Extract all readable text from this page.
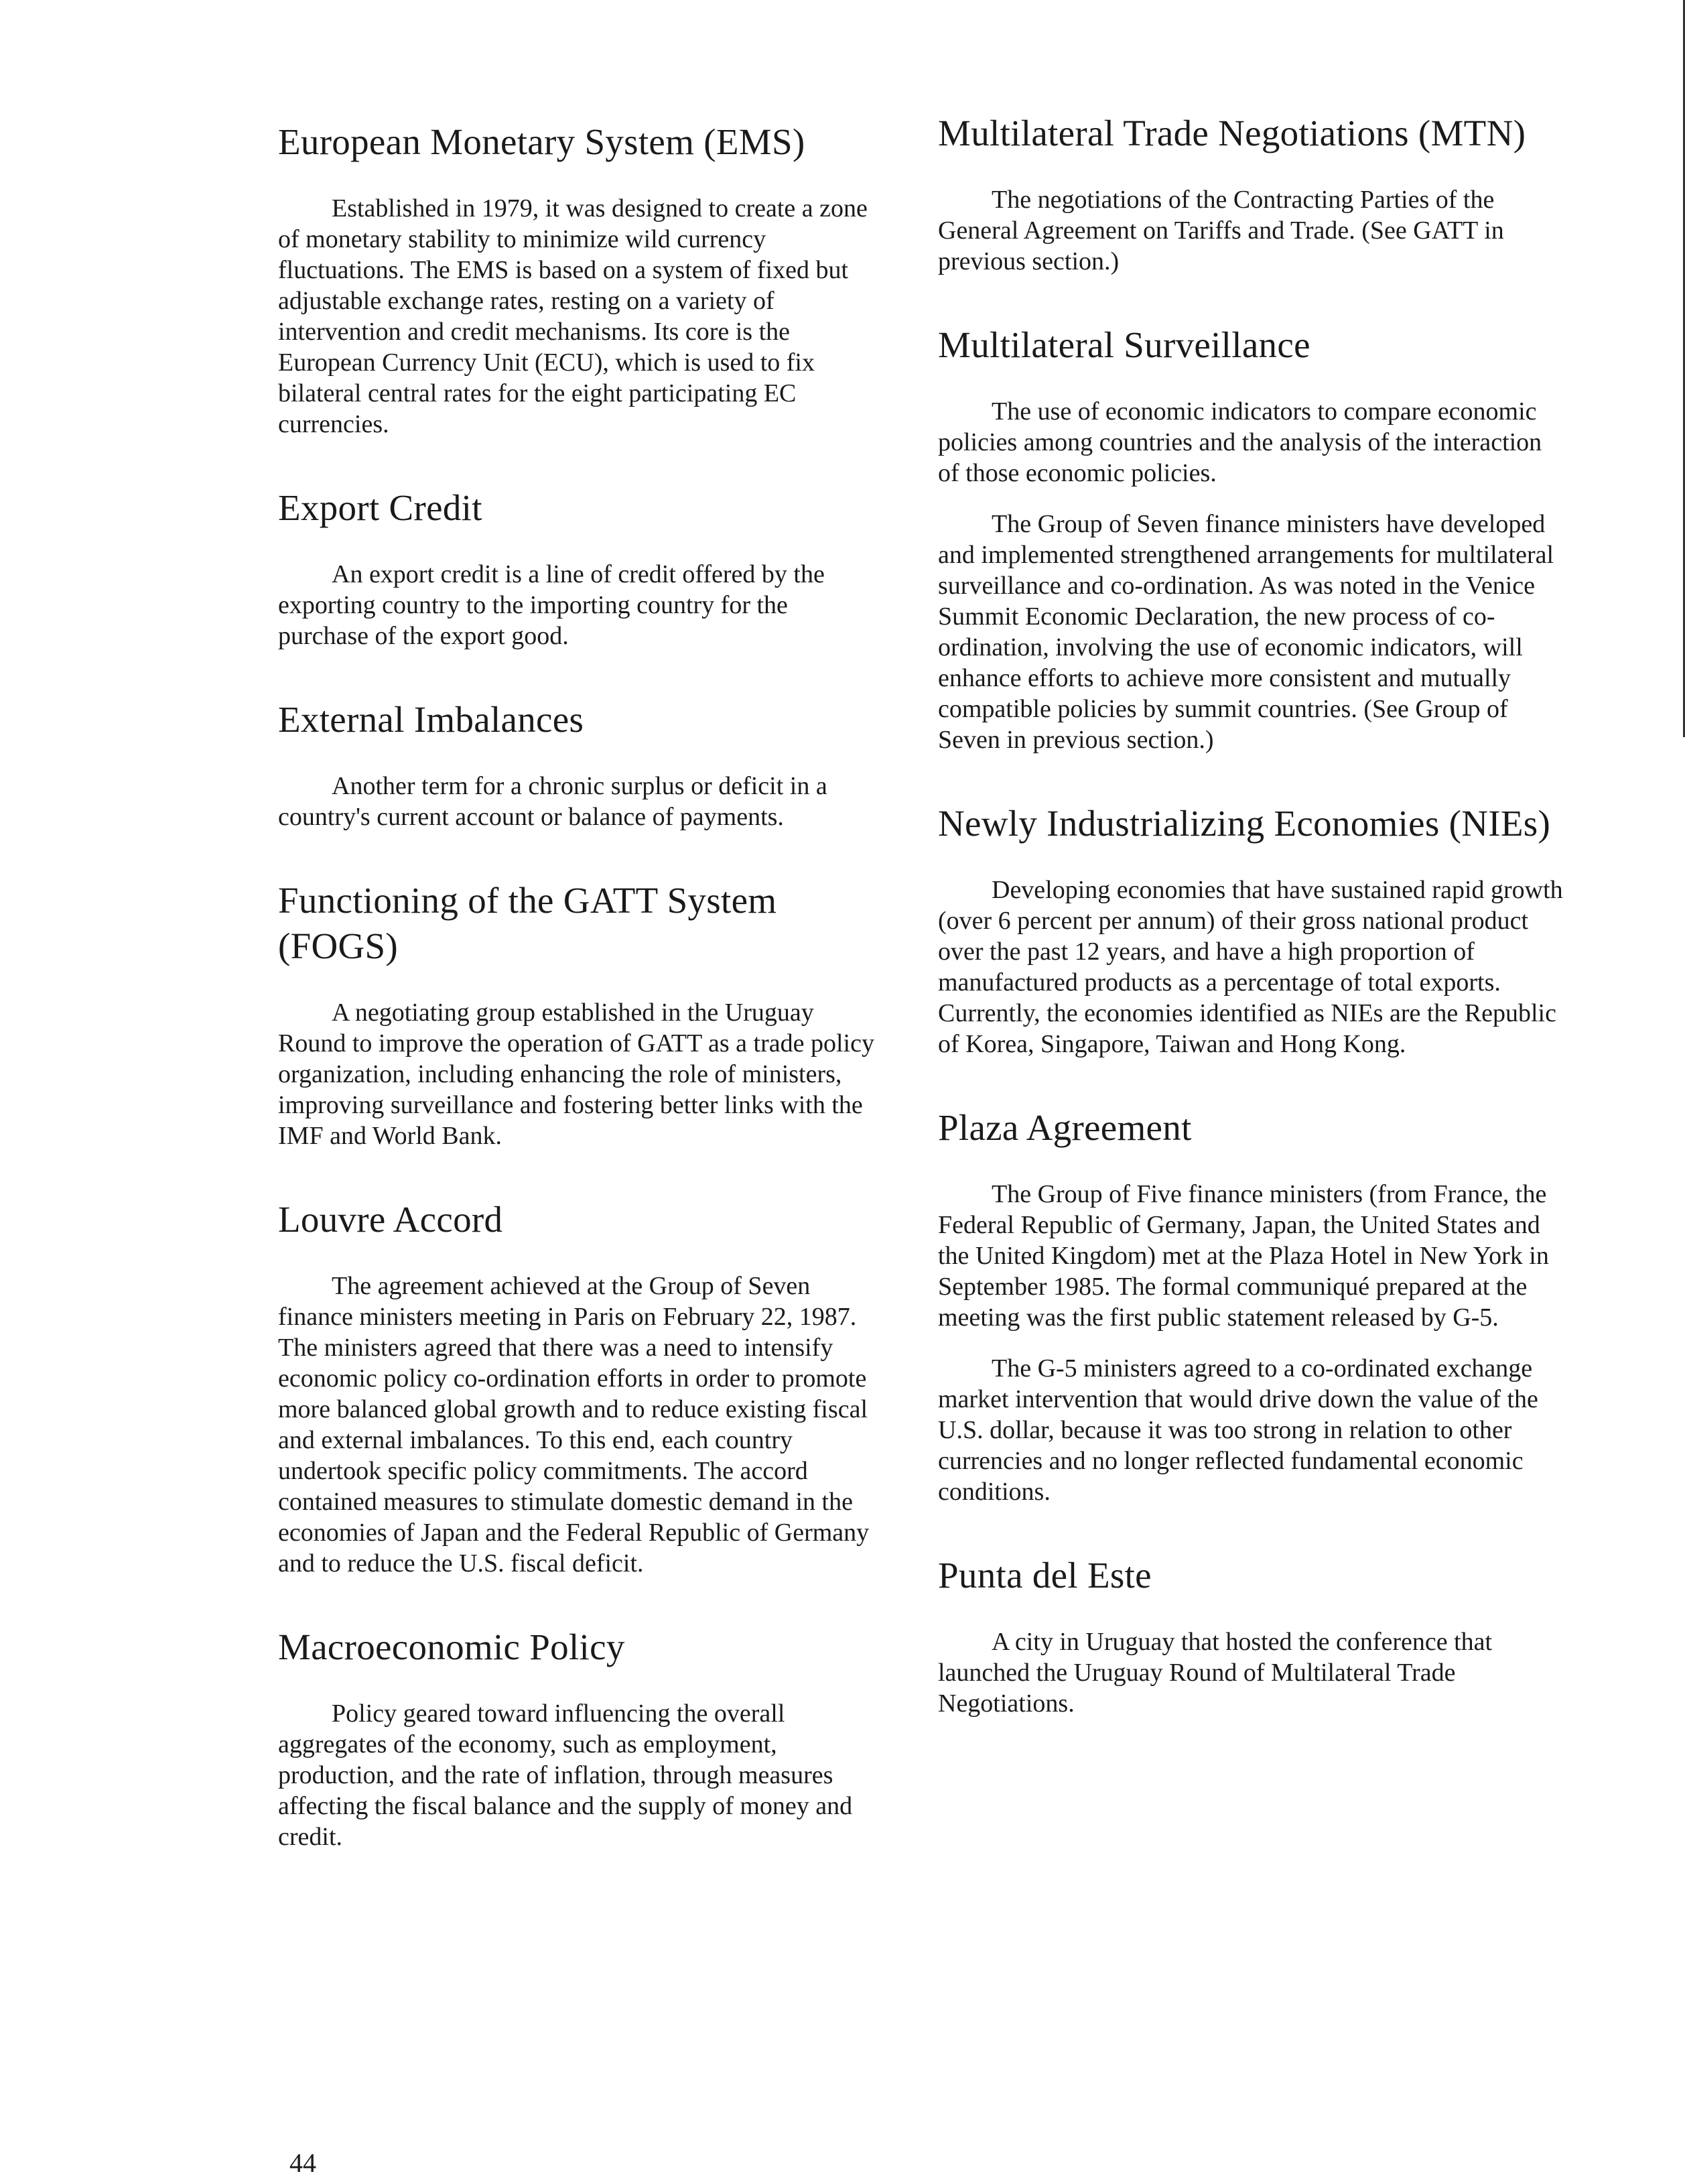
European Monetary System (EMS)

Established in 1979, it was designed to create a zone of monetary stability to minimize wild currency fluctuations. The EMS is based on a system of fixed but adjustable exchange rates, resting on a variety of intervention and credit mechanisms. Its core is the European Currency Unit (ECU), which is used to fix bilateral central rates for the eight participating EC currencies.

Export Credit

An export credit is a line of credit offered by the exporting country to the importing country for the purchase of the export good.

External Imbalances

Another term for a chronic surplus or deficit in a country's current account or balance of payments.

Functioning of the GATT System (FOGS)

A negotiating group established in the Uruguay Round to improve the operation of GATT as a trade policy organization, including enhancing the role of ministers, improving surveillance and fostering better links with the IMF and World Bank.

Louvre Accord

The agreement achieved at the Group of Seven finance ministers meeting in Paris on February 22, 1987. The ministers agreed that there was a need to intensify economic policy co-ordination efforts in order to promote more balanced global growth and to reduce existing fiscal and external imbalances. To this end, each country undertook specific policy commitments. The accord contained measures to stimulate domestic demand in the economies of Japan and the Federal Republic of Germany and to reduce the U.S. fiscal deficit.

Macroeconomic Policy

Policy geared toward influencing the overall aggregates of the economy, such as employment, production, and the rate of inflation, through measures affecting the fiscal balance and the supply of money and credit.

Multilateral Trade Negotiations (MTN)

The negotiations of the Contracting Parties of the General Agreement on Tariffs and Trade. (See GATT in previous section.)

Multilateral Surveillance

The use of economic indicators to compare economic policies among countries and the analysis of the interaction of those economic policies.

The Group of Seven finance ministers have developed and implemented strengthened arrangements for multilateral surveillance and co-ordination. As was noted in the Venice Summit Economic Declaration, the new process of co-ordination, involving the use of economic indicators, will enhance efforts to achieve more consistent and mutually compatible policies by summit countries. (See Group of Seven in previous section.)

Newly Industrializing Economies (NIEs)

Developing economies that have sustained rapid growth (over 6 percent per annum) of their gross national product over the past 12 years, and have a high proportion of manufactured products as a percentage of total exports. Currently, the economies identified as NIEs are the Republic of Korea, Singapore, Taiwan and Hong Kong.

Plaza Agreement

The Group of Five finance ministers (from France, the Federal Republic of Germany, Japan, the United States and the United Kingdom) met at the Plaza Hotel in New York in September 1985. The formal communiqué prepared at the meeting was the first public statement released by G-5.

The G-5 ministers agreed to a co-ordinated exchange market intervention that would drive down the value of the U.S. dollar, because it was too strong in relation to other currencies and no longer reflected fundamental economic conditions.

Punta del Este

A city in Uruguay that hosted the conference that launched the Uruguay Round of Multilateral Trade Negotiations.

44
